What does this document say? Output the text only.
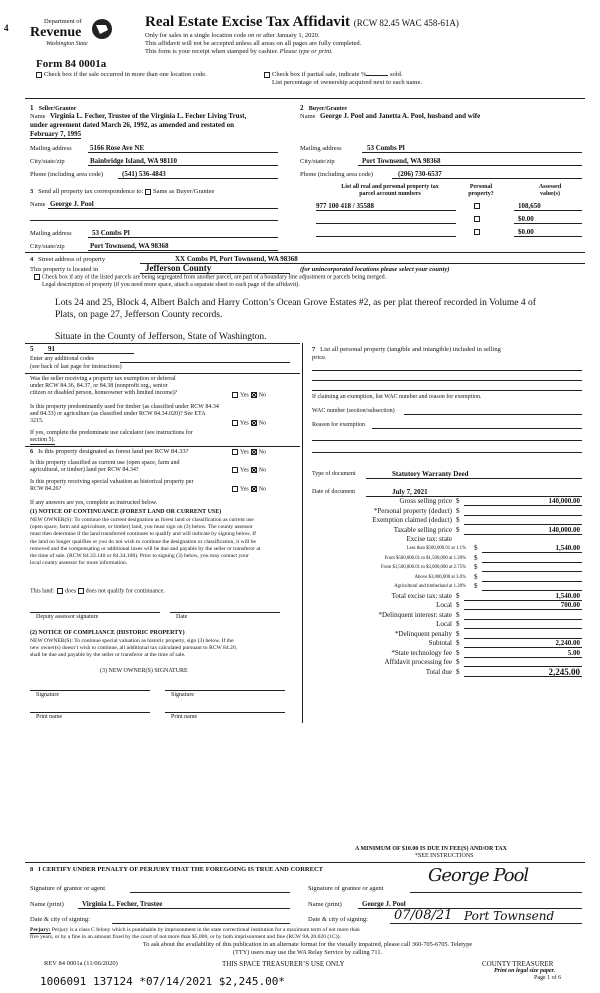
4
Department of
Revenue
Washington State
Real Estate Excise Tax Affidavit (RCW 82.45 WAC 458-61A)
Only for sales in a single location code on or after January 1, 2020.
This affidavit will not be accepted unless all areas on all pages are fully completed.
This form is your receipt when stamped by cashier. Please type or print.
Form 84 0001a
Check box if the sale occurred in more than one location code.	Check box if partial sale, indicate %	sold.
List percentage of ownership acquired next to each name.
1 Seller/Grantor
Name Virginia L. Fecher, Trustee of the Virginia L. Fecher Living Trust,
under agreement dated March 26, 1992, as amended and restated on
February 7, 1995
Mailing address	5166 Rose Ave NE
City/state/zip	Bainbridge Island, WA 98110
Phone (including area code)	(541) 536-4843
2 Buyer/Grantee
Name George J. Pool and Janetta A. Pool, husband and wife
Mailing address	53 Combs Pl
City/state/zip	Port Townsend, WA 98368
Phone (including area code)	(206) 730-6537
3 Send all property tax correspondence to: Same as Buyer/Grantee
Name George J. Pool
Mailing address	53 Combs Pl
City/state/zip	Port Townsend, WA 98368
List all real and personal property tax
parcel account numbers
Personal
property?
Assessed
value(s)
977 100 418 / 35588	108,650
$0.00
$0.00
4 Street address of property	XX Combs Pl, Port Townsend, WA 98368
This property is located in	Jefferson County	(for unincorporated locations please select your county)
Check box if any of the listed parcels are being segregated from another parcel, are part of a boundary line adjustment or parcels being merged.
Legal description of property (if you need more space, attach a separate sheet to each page of the affidavit).
Lots 24 and 25, Block 4, Albert Balch and Harry Cotton’s Ocean Grove Estates #2, as per plat thereof recorded in Volume 4 of
Plats, on page 27, Jefferson County records.
Situate in the County of Jefferson, State of Washington.
5 91
Enter any additional codes
(see back of last page for instructions)
Was the seller receiving a property tax exemption or deferral
under RCW 84.36, 84.37, or 84.38 (nonprofit org., senior
citizen or disabled person, homeowner with limited income)?	Yes No
Is this property predominantly used for timber (as classified under RCW 84.34
and 84.33) or agriculture (as classified under RCW 84.34.020)? See ETA
3215.	Yes No
If yes, complete the predominate use calculator (see instructions for
section 5).
6 Is this property designated as forest land per RCW 84.33?	Yes No
Is this property classified as current use (open space, farm and
agricultural, or timber) land per RCW 84.34?	Yes No
Is this property receiving special valuation as historical property per
RCW 84.26?	Yes No
If any answers are yes, complete as instructed below.
(1) NOTICE OF CONTINUANCE (FOREST LAND OR CURRENT USE)
NEW OWNER(S): To continue the current designation as forest land or classification as current use
(open space, farm and agriculture, or timber) land, you must sign on (3) below. The county assessor
must then determine if the land transferred continues to qualify and will indicate by signing below. If
the land no longer qualifies or you do not wish to continue the designation or classification, it will be
removed and the compensating or additional taxes will be due and payable by the seller or transferor at
the time of sale. (RCW 84.33.140 or 84.34.108). Prior to signing (3) below, you may contact your
local county assessor for more information.
This land: does does not qualify for continuance.
Deputy assessor signature	Date
(2) NOTICE OF COMPLIANCE (HISTORIC PROPERTY)
NEW OWNER(S): To continue special valuation as historic property, sign (3) below. If the
new owner(s) doesn’t wish to continue, all additional tax calculated pursuant to RCW 84.26,
shall be due and payable by the seller or transferor at the time of sale.
(3) NEW OWNER(S) SIGNATURE
Signature	Signature
Print name	Print name
7 List all personal property (tangible and intangible) included in selling
price.
If claiming an exemption, list WAC number and reason for exemption.
WAC number (section/subsection)
Reason for exemption
Type of document	Statutory Warranty Deed
Date of document	July 7, 2021
Gross selling price $	140,000.00
*Personal property (deduct) $
Exemption claimed (deduct) $
Taxable selling price $	140,000.00
Excise tax: state
Less than $500,000.01 at 1.1% $	1,540.00
From $500,000.01 to $1,500,000 at 1.28% $
From $1,500,000.01 to $3,000,000 at 2.75% $
Above $3,000,000 at 3.0% $
Agricultural and timberland at 1.28% $
Total excise tax: state $	1,540.00
Local $	700.00
*Delinquent interest: state $
Local $
*Delinquent penalty $
Subtotal $	2,240.00
*State technology fee $	5.00
Affidavit processing fee $
Total due $	2,245.00
A MINIMUM OF $10.00 IS DUE IN FEE(S) AND/OR TAX
*SEE INSTRUCTIONS
8 I CERTIFY UNDER PENALTY OF PERJURY THAT THE FOREGOING IS TRUE AND CORRECT
Signature of grantor or agent
Name (print)	Virginia L. Fecher, Trustee
Date & city of signing:
Signature of grantee or agent
George Pool
Name (print)	George J. Pool
Date & city of signing: 07/08/21 Port Townsend
Perjury: Perjury is a class C felony which is punishable by imprisonment in the state correctional institution for a maximum term of not more than
five years, or by a fine in an amount fixed by the court of not more than $5,000, or by both imprisonment and fine (RCW 9A.20.020 (1C)).
To ask about the availability of this publication in an alternate format for the visually impaired, please call 360-705-6705. Teletype
(TTY) users may use the WA Relay Service by calling 711.
REV 84 0001a (11/06/2020)	THIS SPACE TREASURER’S USE ONLY	COUNTY TREASURER
Print on legal size paper.
Page 1 of 6
1006091 137124 *07/14/2021 $2,245.00*
